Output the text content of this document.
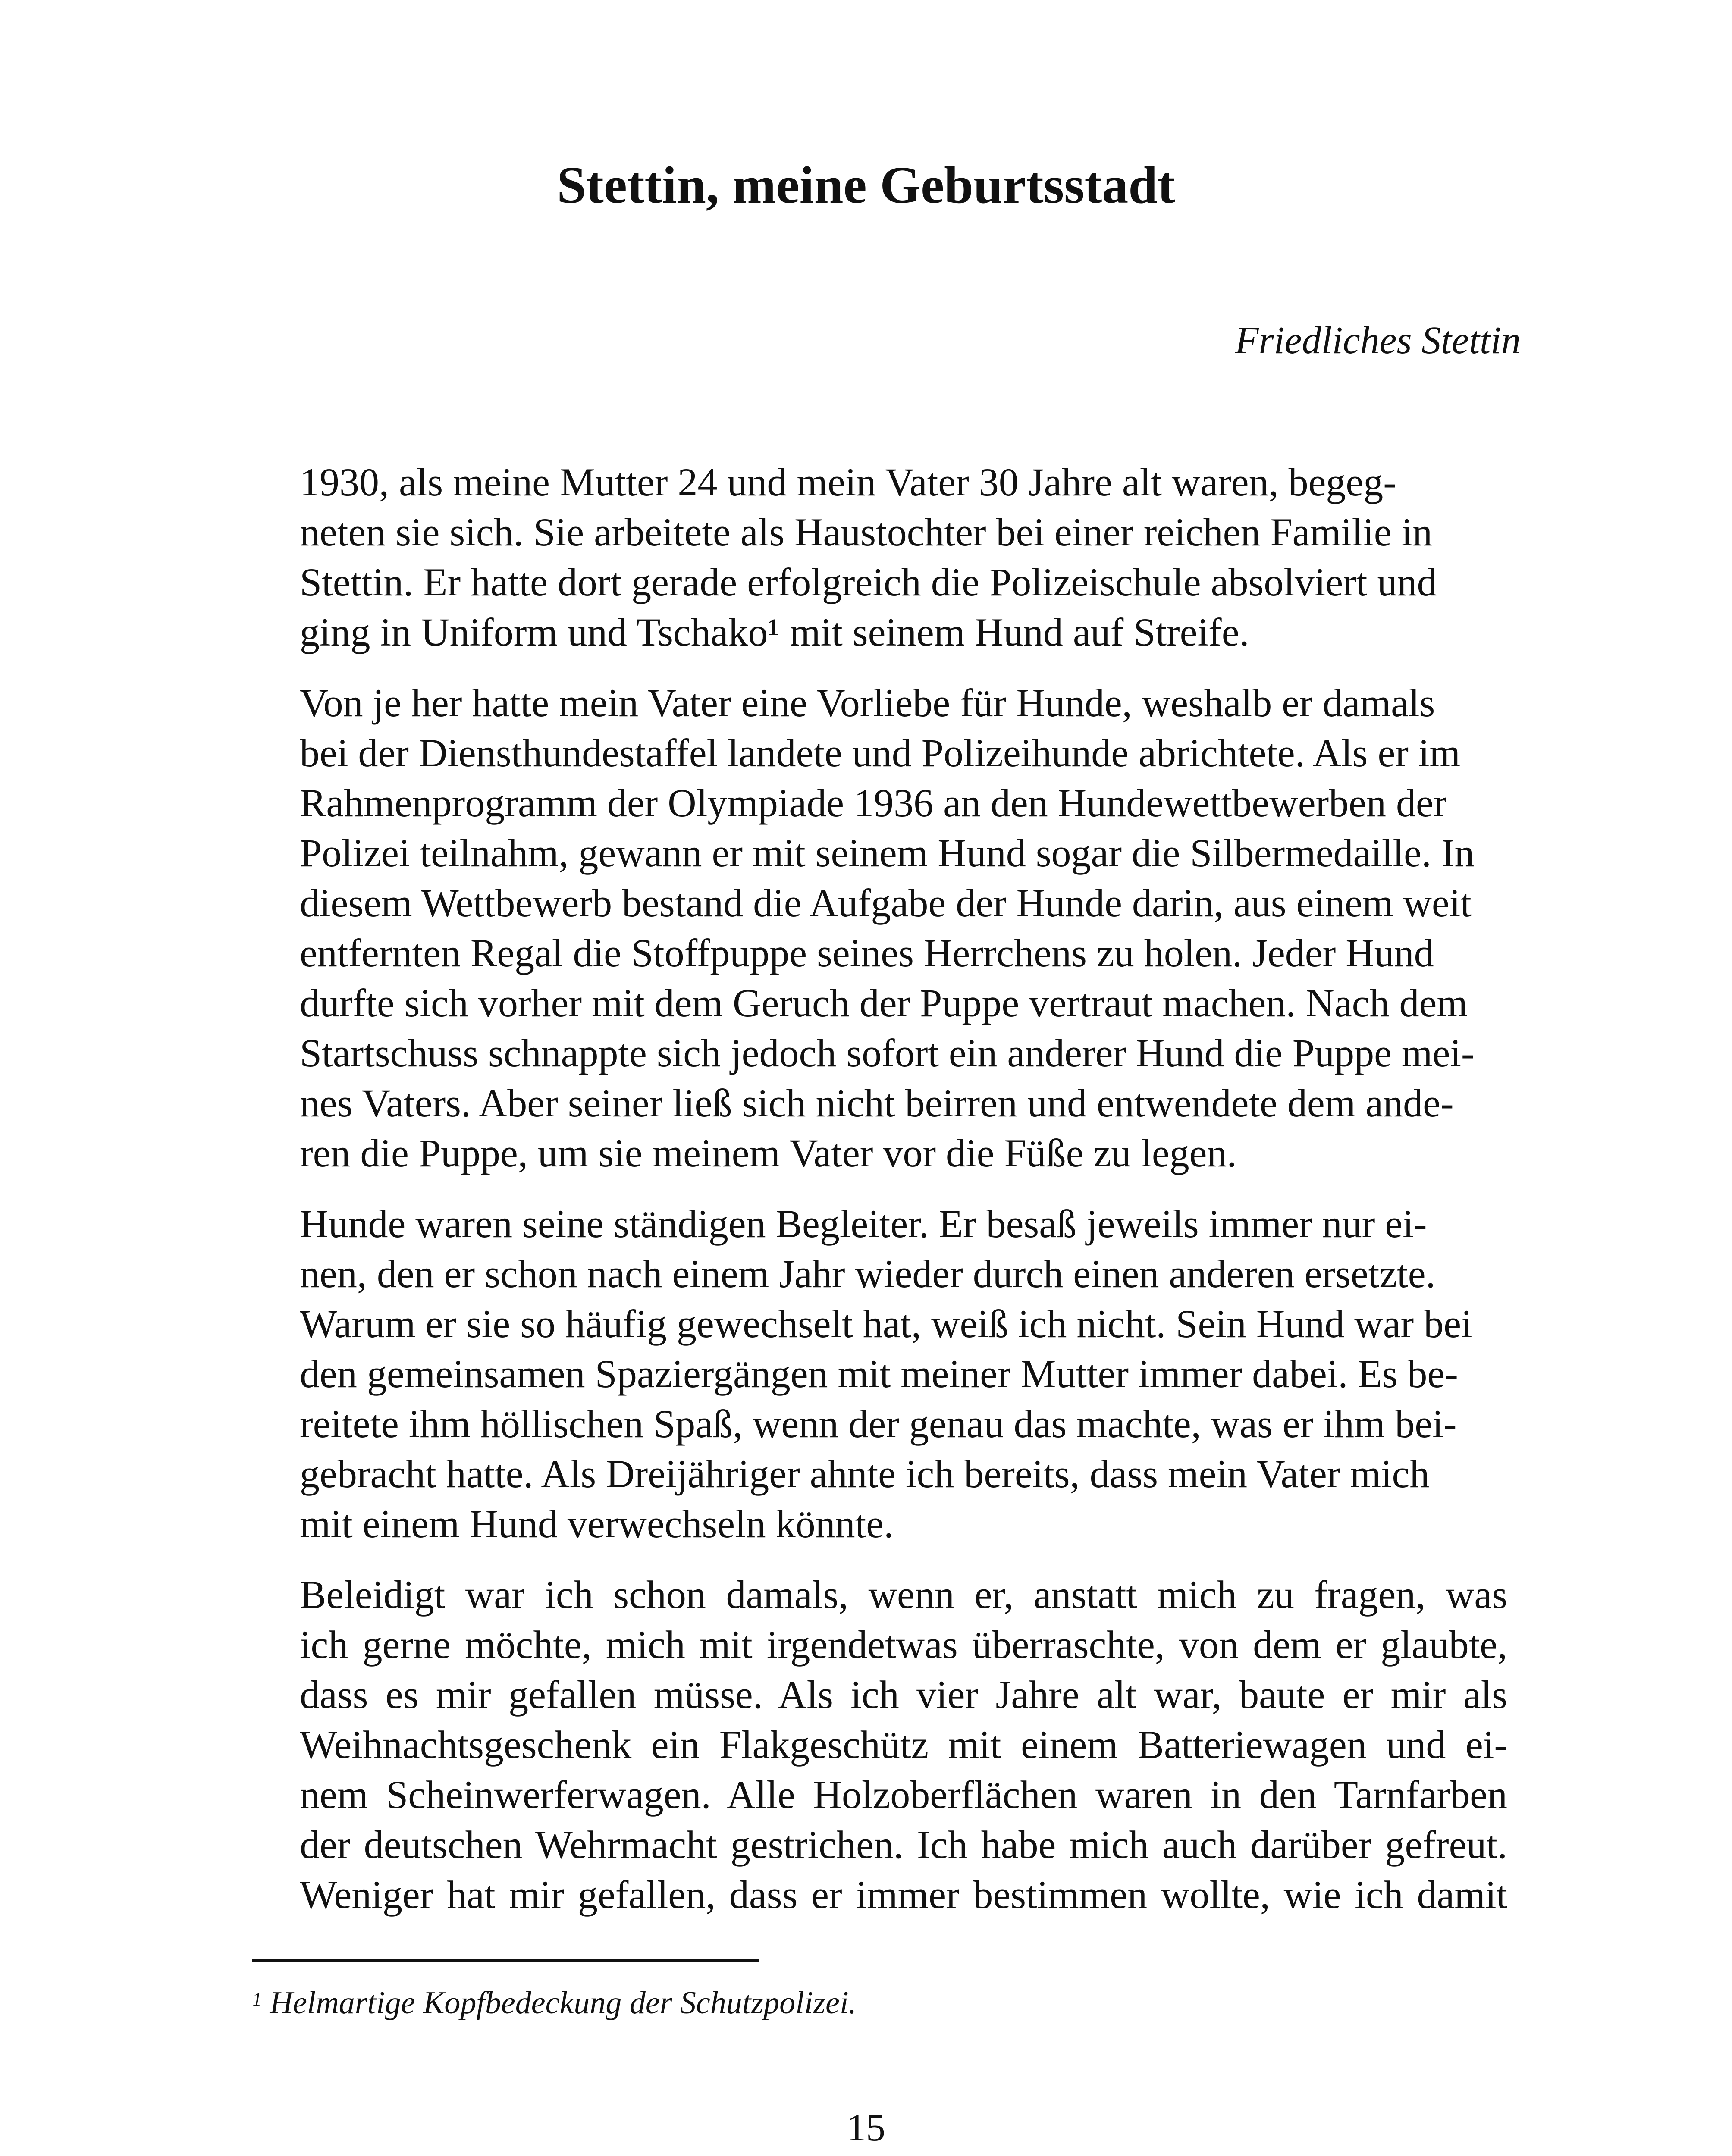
Stettin, meine Geburtsstadt

Friedliches Stettin

1930, als meine Mutter 24 und mein Vater 30 Jahre alt waren, begeg-
neten sie sich. Sie arbeitete als Haustochter bei einer reichen Familie in
Stettin. Er hatte dort gerade erfolgreich die Polizeischule absolviert und
ging in Uniform und Tschako¹ mit seinem Hund auf Streife.

Von je her hatte mein Vater eine Vorliebe für Hunde, weshalb er damals
bei der Diensthundestaffel landete und Polizeihunde abrichtete. Als er im
Rahmenprogramm der Olympiade 1936 an den Hundewettbewerben der
Polizei teilnahm, gewann er mit seinem Hund sogar die Silbermedaille. In
diesem Wettbewerb bestand die Aufgabe der Hunde darin, aus einem weit
entfernten Regal die Stoffpuppe seines Herrchens zu holen. Jeder Hund
durfte sich vorher mit dem Geruch der Puppe vertraut machen. Nach dem
Startschuss schnappte sich jedoch sofort ein anderer Hund die Puppe mei-
nes Vaters. Aber seiner ließ sich nicht beirren und entwendete dem ande-
ren die Puppe, um sie meinem Vater vor die Füße zu legen.

Hunde waren seine ständigen Begleiter. Er besaß jeweils immer nur ei-
nen, den er schon nach einem Jahr wieder durch einen anderen ersetzte.
Warum er sie so häufig gewechselt hat, weiß ich nicht. Sein Hund war bei
den gemeinsamen Spaziergängen mit meiner Mutter immer dabei. Es be-
reitete ihm höllischen Spaß, wenn der genau das machte, was er ihm bei-
gebracht hatte. Als Dreijähriger ahnte ich bereits, dass mein Vater mich
mit einem Hund verwechseln könnte.

Beleidigt war ich schon damals, wenn er, anstatt mich zu fragen, was
ich gerne möchte, mich mit irgendetwas überraschte, von dem er glaubte,
dass es mir gefallen müsse. Als ich vier Jahre alt war, baute er mir als
Weihnachtsgeschenk ein Flakgeschütz mit einem Batteriewagen und ei-
nem Scheinwerferwagen. Alle Holzoberflächen waren in den Tarnfarben
der deutschen Wehrmacht gestrichen. Ich habe mich auch darüber gefreut.
Weniger hat mir gefallen, dass er immer bestimmen wollte, wie ich damit

$^1$ Helmartige Kopfbedeckung der Schutzpolizei.

15
